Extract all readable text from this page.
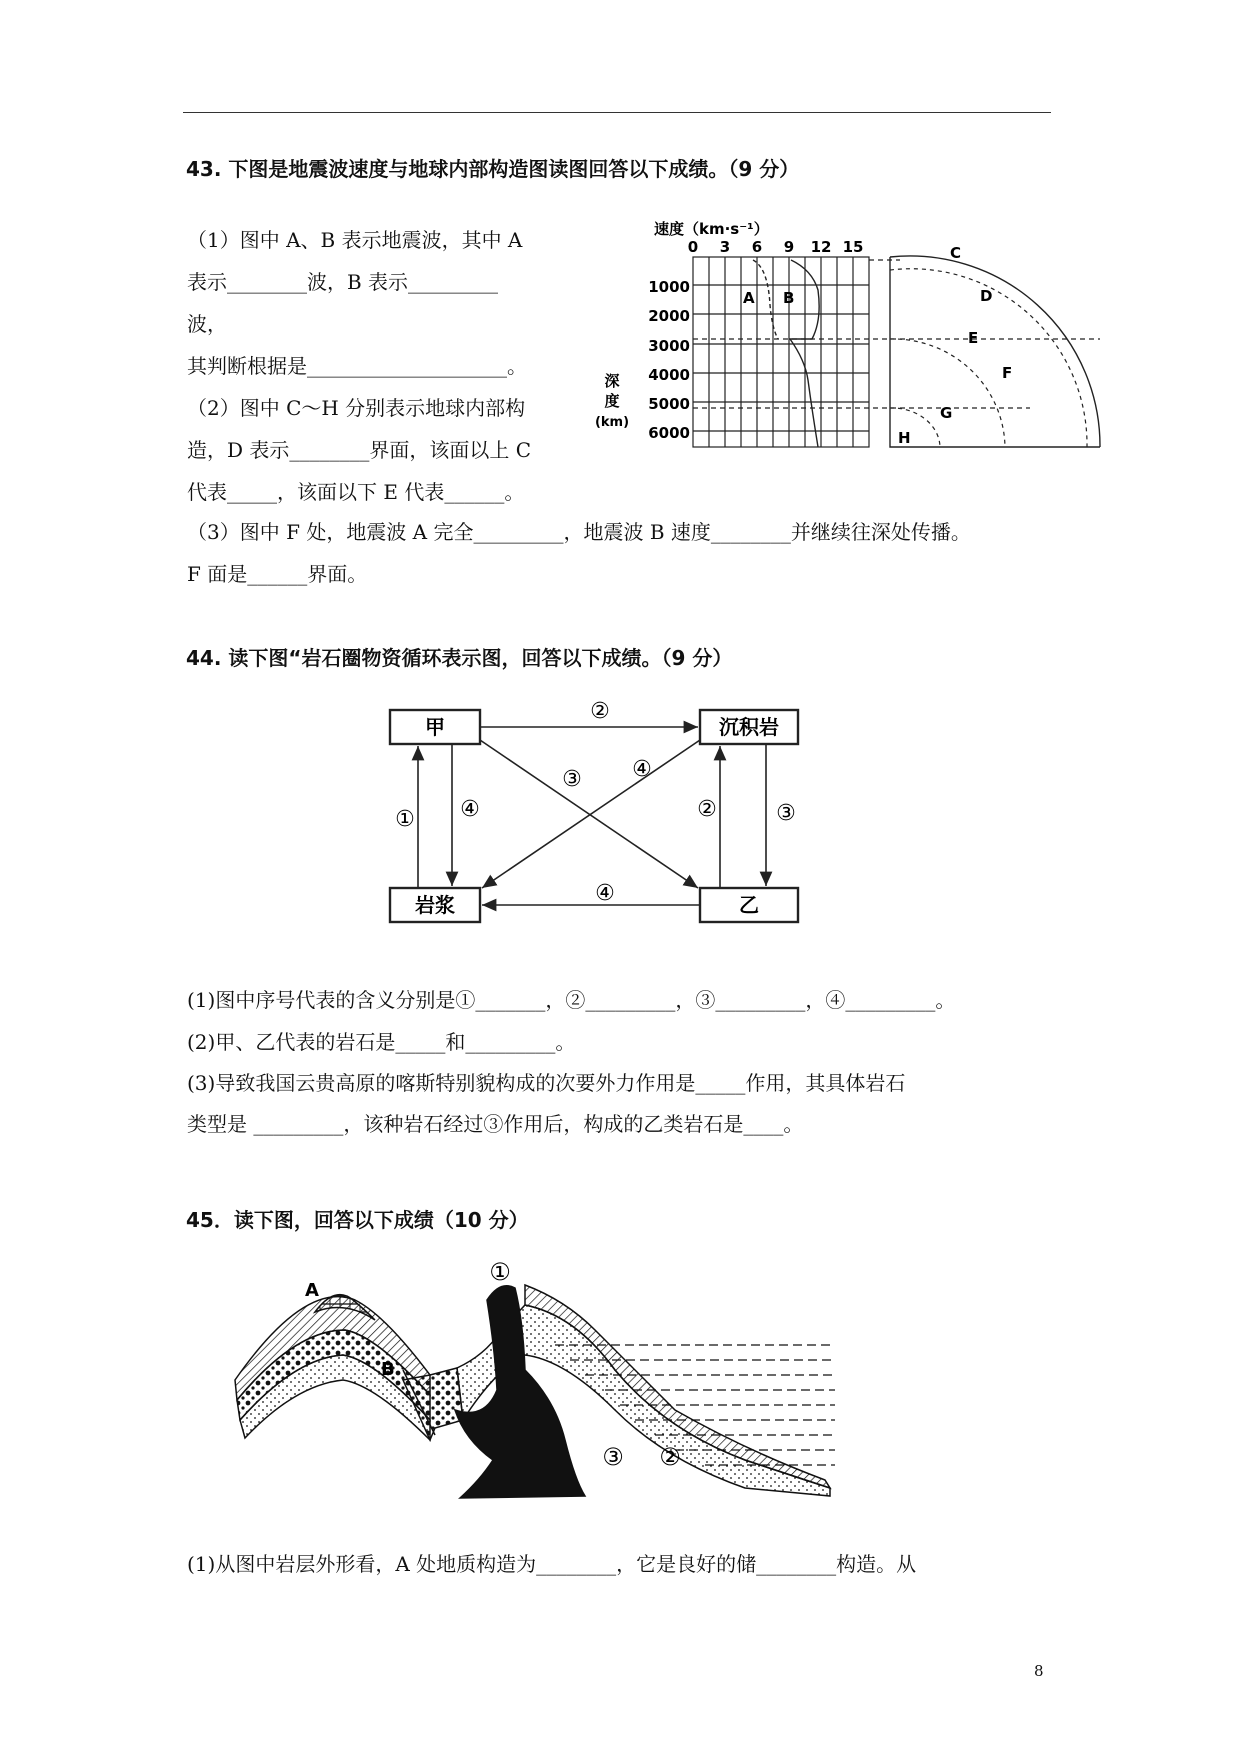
43. 下图是地震波速度与地球内部构造图读图回答以下成绩。（9 分）
（1）图中 A、B 表示地震波，其中 A
表示________波，B 表示_________
波，
其判断根据是____________________。
（2）图中 C～H 分别表示地球内部构
造，D 表示________界面，该面以上 C
代表_____，该面以下 E 代表______。
（3）图中 F 处，地震波 A 完全_________，地震波 B 速度________并继续往深处传播。
F 面是______界面。
速度（km·s⁻¹）
0 3 6 9 12 15
1000
2000
3000
4000
5000
6000
深
度
(km)
A B
C
D
E
F
G
H
44. 读下图“岩石圈物资循环表示图，回答以下成绩。（9 分）
甲	沉积岩
岩浆	乙
②
③ ④
① ④	②	③
④
(1)图中序号代表的含义分别是①_______，②_________，③_________，④_________。
(2)甲、乙代表的岩石是_____和_________。
(3)导致我国云贵高原的喀斯特别貌构成的次要外力作用是_____作用，其具体岩石
类型是 _________，该种岩石经过③作用后，构成的乙类岩石是____。
45．读下图，回答以下成绩（10 分）
A
B
①
③ ②
(1)从图中岩层外形看，A 处地质构造为________，它是良好的储________构造。从
8
